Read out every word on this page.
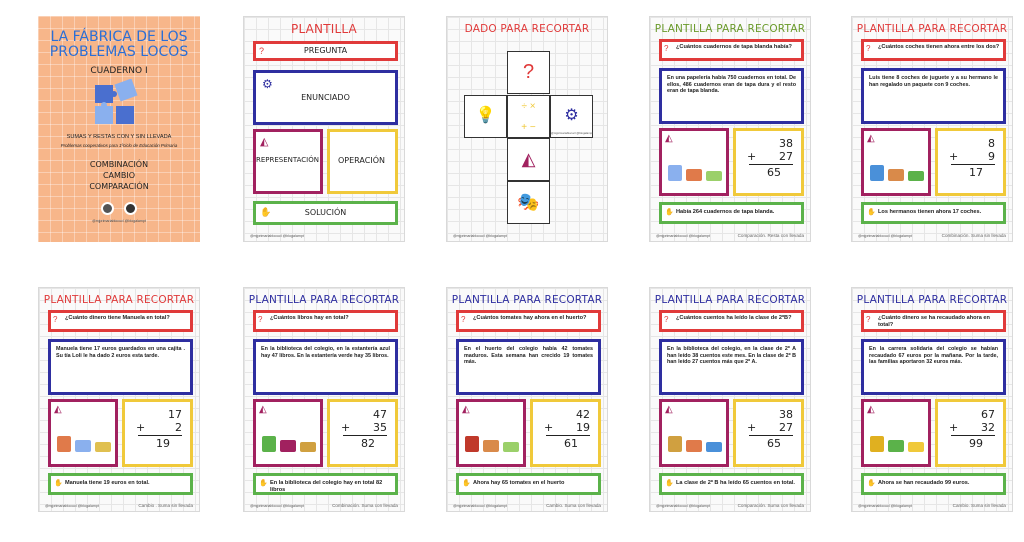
LA FÁBRICA DE LOS PROBLEMAS LOCOS
CUADERNO I
SUMAS Y RESTAS CON Y SIN LLEVADA
Problemas cooperativos para 1ºciclo de Educación Primaria
COMBINACIÓN
CAMBIO
COMPARACIÓN
@mjprimariablocucl @blogalampt
PLANTILLA
?	PREGUNTA
⚙
ENUNCIADO
◭
REPRESENTACIÓN	OPERACIÓN
✋	SOLUCIÓN
@mjprimariablocucl @blogalampt
DADO PARA RECORTAR
?
💡
÷ ×
+ −
⚙
◭
🎭
@mjprimariablocucl @blogalampt
@mjprimariablocucl @blogalampt
PLANTILLA PARA RECORTAR
?	¿Cuántos cuadernos de tapa blanda había?
En una papelería había 750 cuadernos en total. De ellos, 486 cuadernos eran de tapa dura y el resto eran de tapa blanda.
◭	38
+ 27
65
✋ Había 264 cuadernos de tapa blanda.
@mjprimariablocucl @blogalampt	Comparación. Resta con llevada
PLANTILLA PARA RECORTAR
?	¿Cuántos coches tienen ahora entre los dos?
Luis tiene 8 coches de juguete y a su hermano le han regalado un paquete con 9 coches.
◭	8
+	9
17
✋ Los hermanos tienen ahora 17 coches.
@mjprimariablocucl @blogalampt	Combinación. Suma sin llevada
PLANTILLA PARA RECORTAR
?	¿Cuánto dinero tiene Manuela en total?
Manuela tiene 17 euros guardados en una cajita . Su tía Loli le ha dado 2 euros esta tarde.
◭	17
+	2
19
✋ Manuela tiene 19 euros en total.
@mjprimariablocucl @blogalampt	Cambio . Suma sin llevada
PLANTILLA PARA RECORTAR
?	¿Cuántos libros hay en total?
En la biblioteca del colegio, en la estantería azul hay 47 libros. En la estantería verde hay 35 libros.
◭	47
+ 35
82
✋ En la biblioteca del colegio hay en total 82 libros
@mjprimariablocucl @blogalampt	Combinación. Suma con llevada
PLANTILLA PARA RECORTAR
?	¿Cuántos tomates hay ahora en el huerto?
En el huerto del colegio había 42 tomates maduros. Esta semana han crecido 19 tomates más.
◭	42
+ 19
61
✋ Ahora hay 65 tomates en el huerto
@mjprimariablocucl @blogalampt	Cambio. Suma con llevada
PLANTILLA PARA RECORTAR
?	¿Cuántos cuentos ha leído la clase de 2ºB?
En la biblioteca del colegio, en la clase de 2º A han leído 38 cuentos este mes. En la clase de 2º B han leído 27 cuentos más que 2º A.
◭	38
+ 27
65
✋ La clase de 2º B ha leído 65 cuentos en total.
@mjprimariablocucl @blogalampt	Comparación. Suma con llevada
PLANTILLA PARA RECORTAR
?	¿Cuánto dinero se ha recaudado ahora en total?
En la carrera solidaria del colegio se habían recaudado 67 euros por la mañana. Por la tarde, las familias aportaron 32 euros más.
◭	67
+ 32
99
✋ Ahora se han recaudado 99 euros.
@mjprimariablocucl @blogalampt	Cambio. Suma sin llevada
